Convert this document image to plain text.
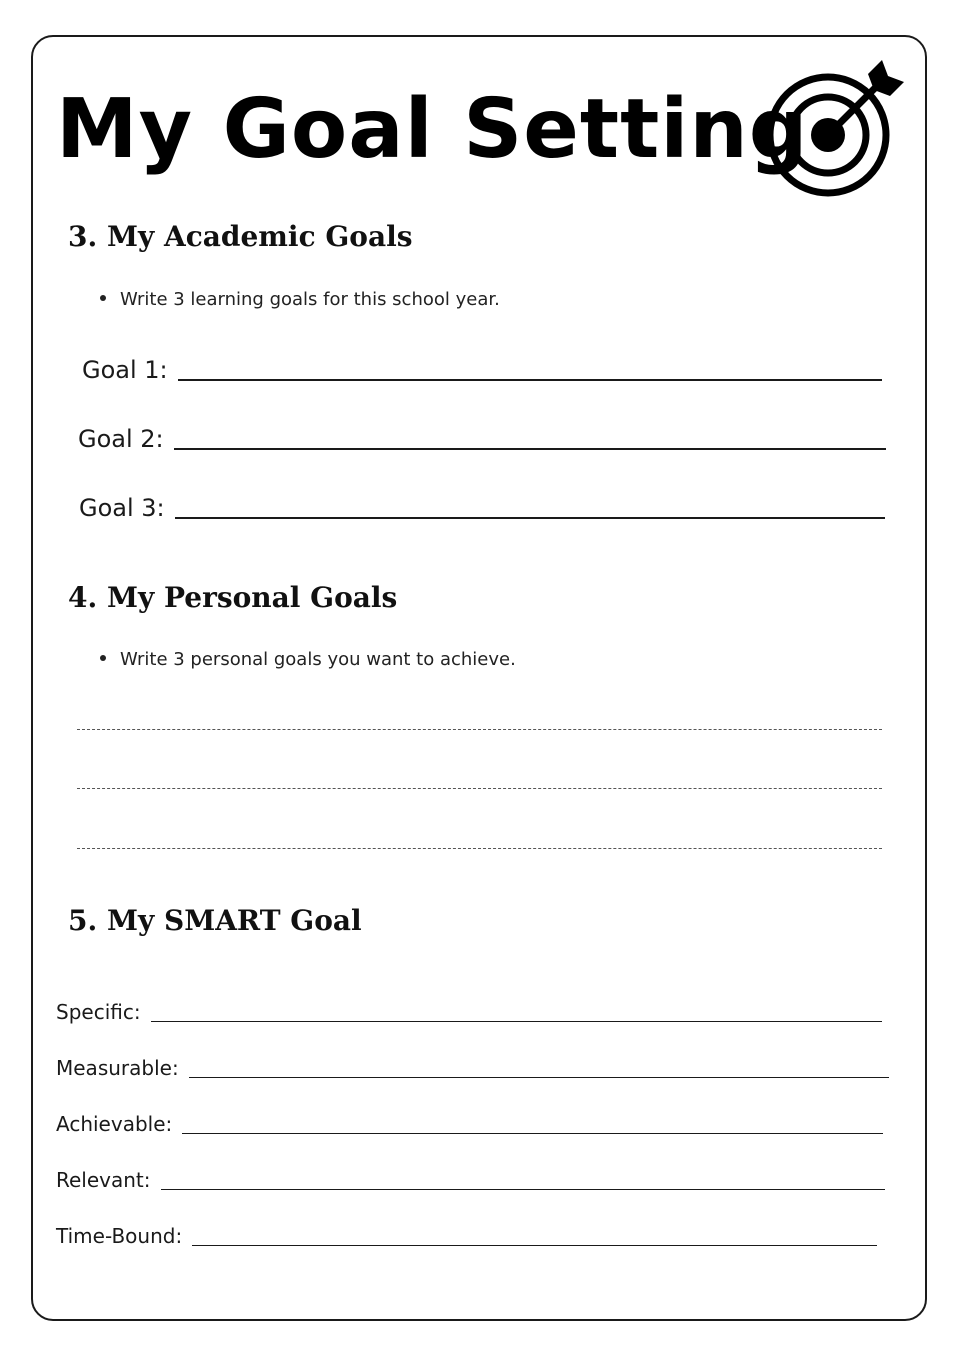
My Goal Setting
3. My Academic Goals
Write 3 learning goals for this school year.
Goal 1:
Goal 2:
Goal 3:
4. My Personal Goals
Write 3 personal goals you want to achieve.
5. My SMART Goal
Specific:
Measurable:
Achievable:
Relevant:
Time-Bound:
